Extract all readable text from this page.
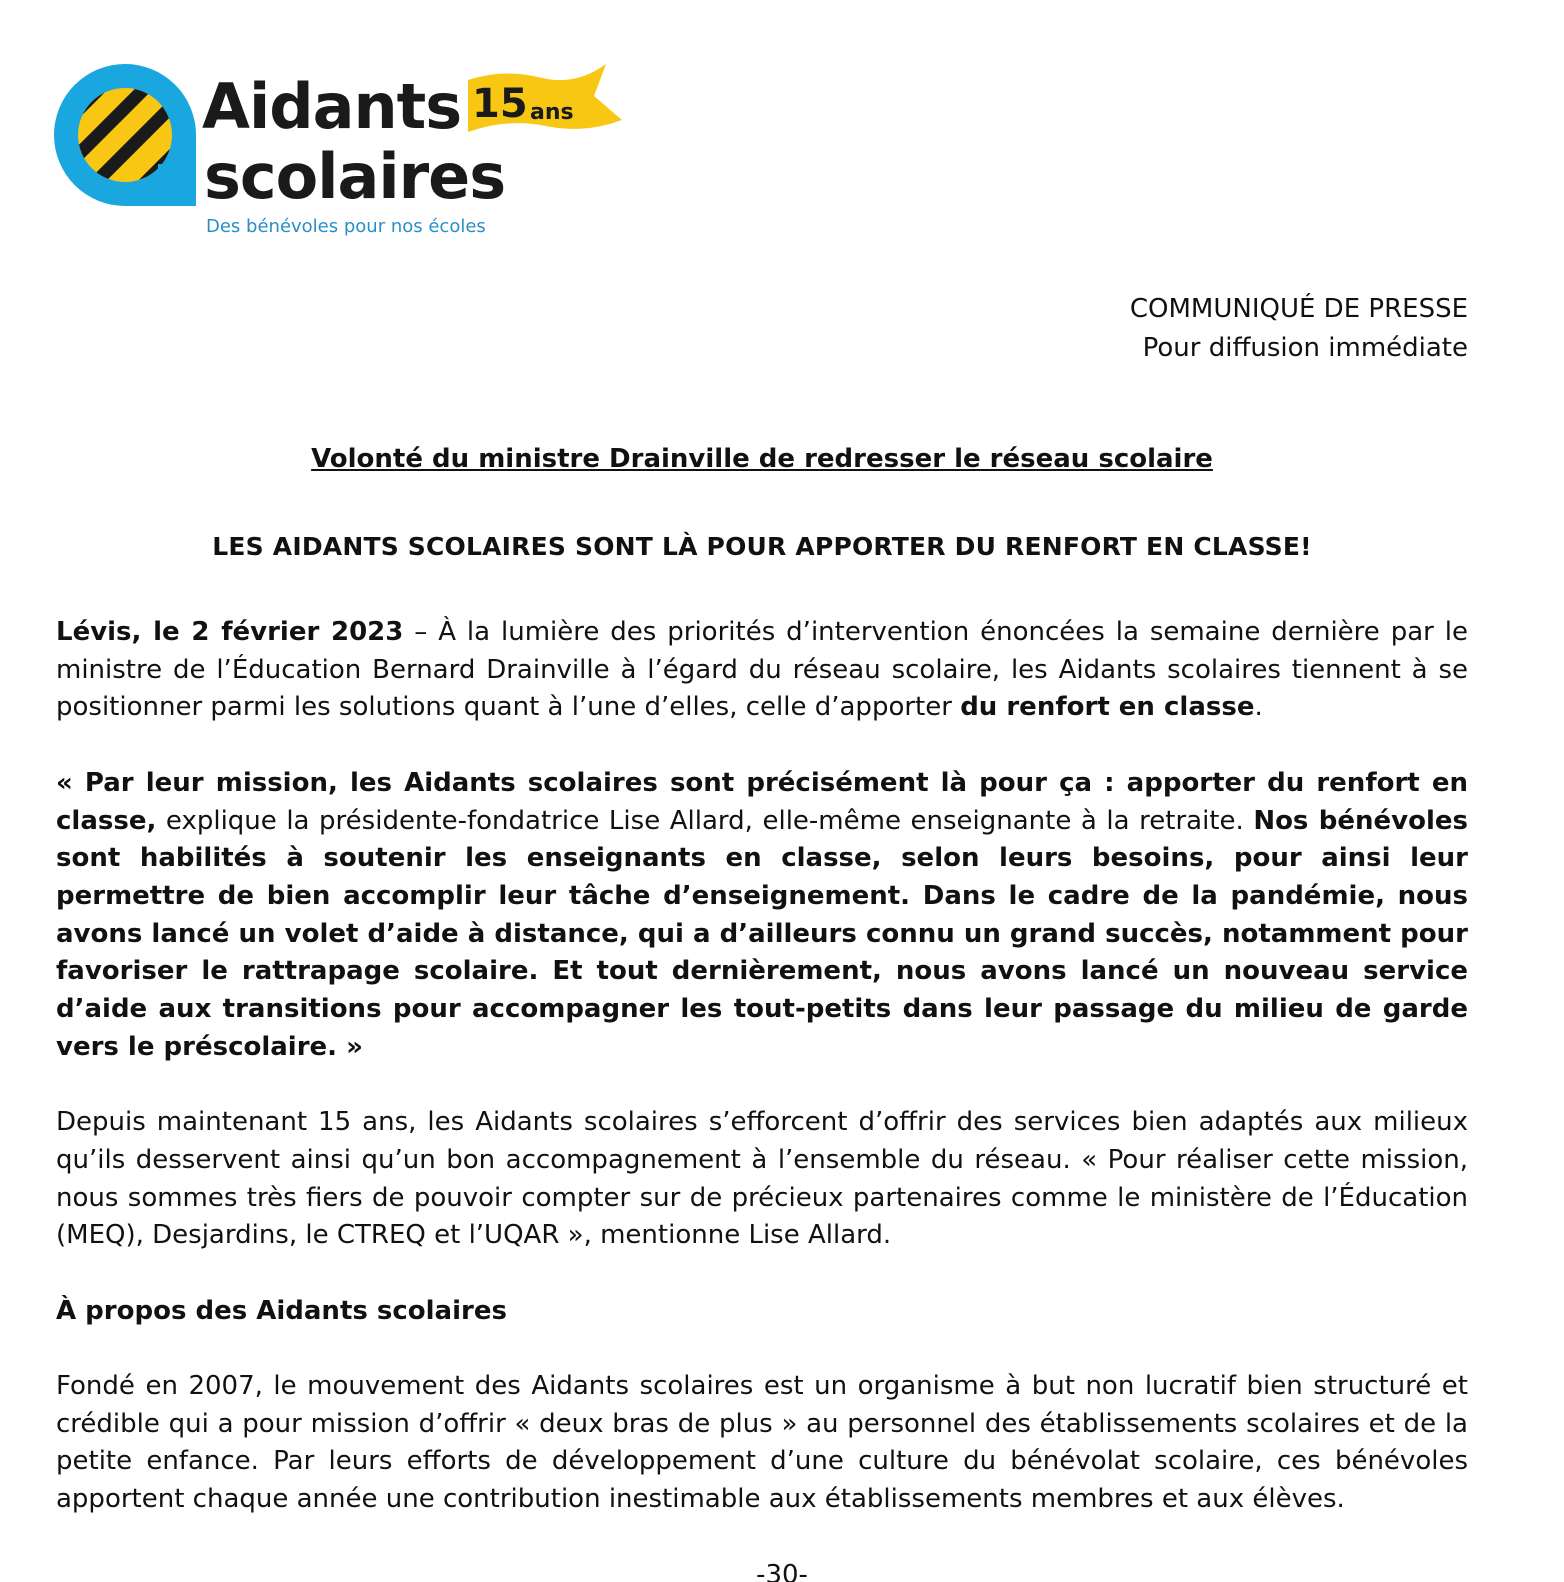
Aidants
scolaires
15 ans
Des bénévoles pour nos écoles
COMMUNIQUÉ DE PRESSE
Pour diffusion immédiate
Volonté du ministre Drainville de redresser le réseau scolaire
LES AIDANTS SCOLAIRES SONT LÀ POUR APPORTER DU RENFORT EN CLASSE!

Lévis, le 2 février 2023 – À la lumière des priorités d’intervention énoncées la semaine dernière par le ministre de l’Éducation Bernard Drainville à l’égard du réseau scolaire, les Aidants scolaires tiennent à se positionner parmi les solutions quant à l’une d’elles, celle d’apporter du renfort en classe.

« Par leur mission, les Aidants scolaires sont précisément là pour ça : apporter du renfort en classe, explique la présidente-fondatrice Lise Allard, elle-même enseignante à la retraite. Nos bénévoles sont habilités à soutenir les enseignants en classe, selon leurs besoins, pour ainsi leur permettre de bien accomplir leur tâche d’enseignement. Dans le cadre de la pandémie, nous avons lancé un volet d’aide à distance, qui a d’ailleurs connu un grand succès, notamment pour favoriser le rattrapage scolaire. Et tout dernièrement, nous avons lancé un nouveau service d’aide aux transitions pour accompagner les tout-petits dans leur passage du milieu de garde vers le préscolaire. »

Depuis maintenant 15 ans, les Aidants scolaires s’efforcent d’offrir des services bien adaptés aux milieux qu’ils desservent ainsi qu’un bon accompagnement à l’ensemble du réseau. « Pour réaliser cette mission, nous sommes très fiers de pouvoir compter sur de précieux partenaires comme le ministère de l’Éducation (MEQ), Desjardins, le CTREQ et l’UQAR », mentionne Lise Allard.

À propos des Aidants scolaires

Fondé en 2007, le mouvement des Aidants scolaires est un organisme à but non lucratif bien structuré et crédible qui a pour mission d’offrir « deux bras de plus » au personnel des établissements scolaires et de la petite enfance. Par leurs efforts de développement d’une culture du bénévolat scolaire, ces bénévoles apportent chaque année une contribution inestimable aux établissements membres et aux élèves.

-30-
